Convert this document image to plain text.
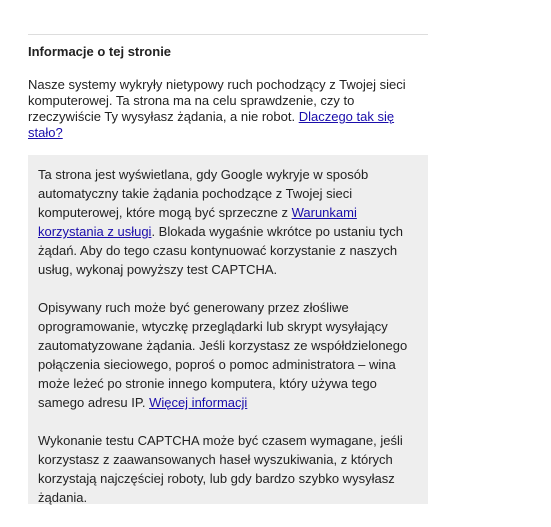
Informacje o tej stronie
Nasze systemy wykryły nietypowy ruch pochodzący z Twojej sieci komputerowej. Ta strona ma na celu sprawdzenie, czy to rzeczywiście Ty wysyłasz żądania, a nie robot. Dlaczego tak się stało?

Ta strona jest wyświetlana, gdy Google wykryje w sposób automatyczny takie żądania pochodzące z Twojej sieci komputerowej, które mogą być sprzeczne z Warunkami korzystania z usługi. Blokada wygaśnie wkrótce po ustaniu tych żądań. Aby do tego czasu kontynuować korzystanie z naszych usług, wykonaj powyższy test CAPTCHA.

Opisywany ruch może być generowany przez złośliwe oprogramowanie, wtyczkę przeglądarki lub skrypt wysyłający zautomatyzowane żądania. Jeśli korzystasz ze współdzielonego połączenia sieciowego, poproś o pomoc administratora – wina może leżeć po stronie innego komputera, który używa tego samego adresu IP. Więcej informacji

Wykonanie testu CAPTCHA może być czasem wymagane, jeśli korzystasz z zaawansowanych haseł wyszukiwania, z których korzystają najczęściej roboty, lub gdy bardzo szybko wysyłasz żądania.
